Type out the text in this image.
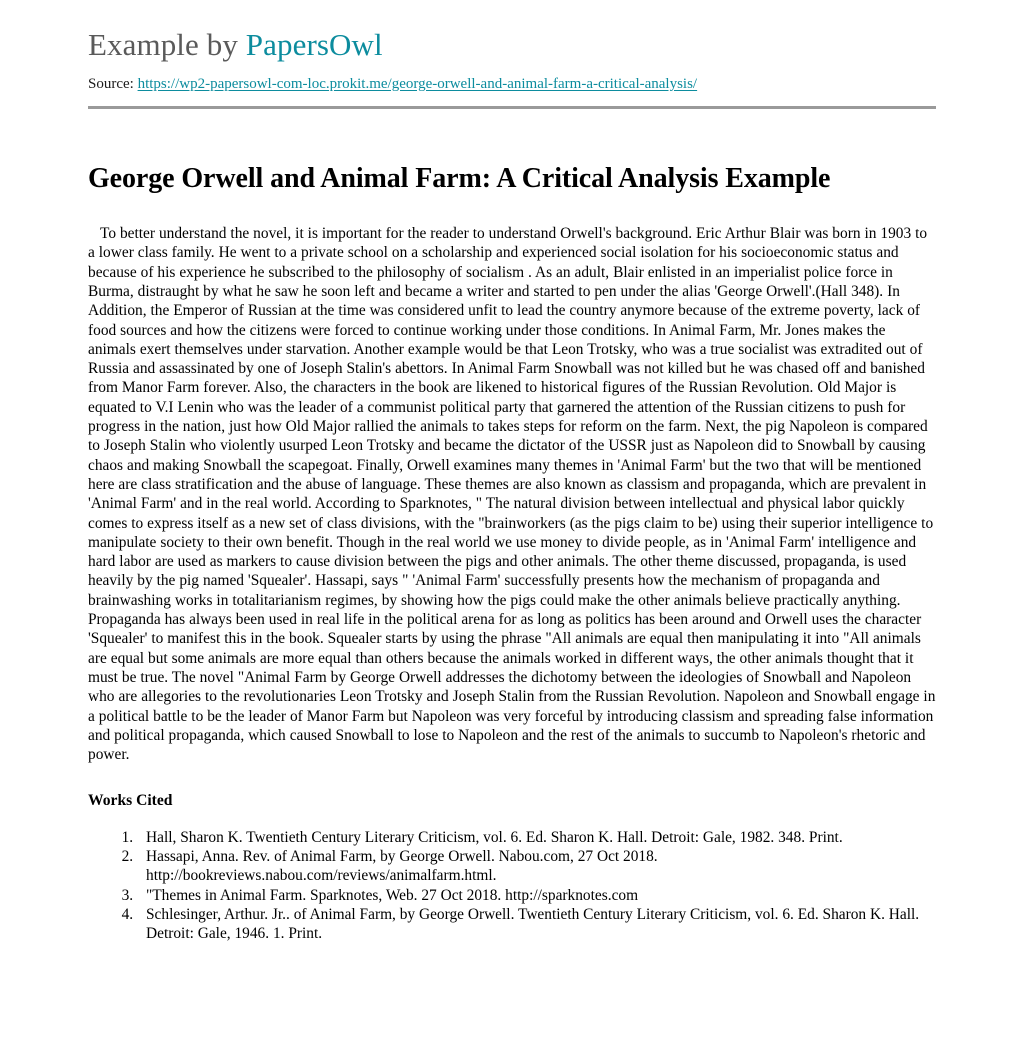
Example by PapersOwl
Source: https://wp2-papersowl-com-loc.prokit.me/george-orwell-and-animal-farm-a-critical-analysis/
George Orwell and Animal Farm: A Critical Analysis Example

To better understand the novel, it is important for the reader to understand Orwell's background. Eric Arthur Blair was born in 1903 to a lower class family. He went to a private school on a scholarship and experienced social isolation for his socioeconomic status and because of his experience he subscribed to the philosophy of socialism . As an adult, Blair enlisted in an imperialist police force in Burma, distraught by what he saw he soon left and became a writer and started to pen under the alias 'George Orwell'.(Hall 348). In Addition, the Emperor of Russian at the time was considered unfit to lead the country anymore because of the extreme poverty, lack of food sources and how the citizens were forced to continue working under those conditions. In Animal Farm, Mr. Jones makes the animals exert themselves under starvation. Another example would be that Leon Trotsky, who was a true socialist was extradited out of Russia and assassinated by one of Joseph Stalin's abettors. In Animal Farm Snowball was not killed but he was chased off and banished from Manor Farm forever. Also, the characters in the book are likened to historical figures of the Russian Revolution. Old Major is equated to V.I Lenin who was the leader of a communist political party that garnered the attention of the Russian citizens to push for progress in the nation, just how Old Major rallied the animals to takes steps for reform on the farm. Next, the pig Napoleon is compared to Joseph Stalin who violently usurped Leon Trotsky and became the dictator of the USSR just as Napoleon did to Snowball by causing chaos and making Snowball the scapegoat. Finally, Orwell examines many themes in 'Animal Farm' but the two that will be mentioned here are class stratification and the abuse of language. These themes are also known as classism and propaganda, which are prevalent in 'Animal Farm' and in the real world. According to Sparknotes, " The natural division between intellectual and physical labor quickly comes to express itself as a new set of class divisions, with the "brainworkers (as the pigs claim to be) using their superior intelligence to manipulate society to their own benefit. Though in the real world we use money to divide people, as in 'Animal Farm' intelligence and hard labor are used as markers to cause division between the pigs and other animals. The other theme discussed, propaganda, is used heavily by the pig named 'Squealer'. Hassapi, says " 'Animal Farm' successfully presents how the mechanism of propaganda and brainwashing works in totalitarianism regimes, by showing how the pigs could make the other animals believe practically anything. Propaganda has always been used in real life in the political arena for as long as politics has been around and Orwell uses the character 'Squealer' to manifest this in the book. Squealer starts by using the phrase "All animals are equal then manipulating it into "All animals are equal but some animals are more equal than others because the animals worked in different ways, the other animals thought that it must be true. The novel "Animal Farm by George Orwell addresses the dichotomy between the ideologies of Snowball and Napoleon who are allegories to the revolutionaries Leon Trotsky and Joseph Stalin from the Russian Revolution. Napoleon and Snowball engage in a political battle to be the leader of Manor Farm but Napoleon was very forceful by introducing classism and spreading false information and political propaganda, which caused Snowball to lose to Napoleon and the rest of the animals to succumb to Napoleon's rhetoric and power.

Works Cited
1. Hall, Sharon K. Twentieth Century Literary Criticism, vol. 6. Ed. Sharon K. Hall. Detroit: Gale, 1982. 348. Print.
2. Hassapi, Anna. Rev. of Animal Farm, by George Orwell. Nabou.com, 27 Oct 2018. http://bookreviews.nabou.com/reviews/animalfarm.html.
3. "Themes in Animal Farm. Sparknotes, Web. 27 Oct 2018. http://sparknotes.com
4. Schlesinger, Arthur. Jr.. of Animal Farm, by George Orwell. Twentieth Century Literary Criticism, vol. 6. Ed. Sharon K. Hall. Detroit: Gale, 1946. 1. Print.
